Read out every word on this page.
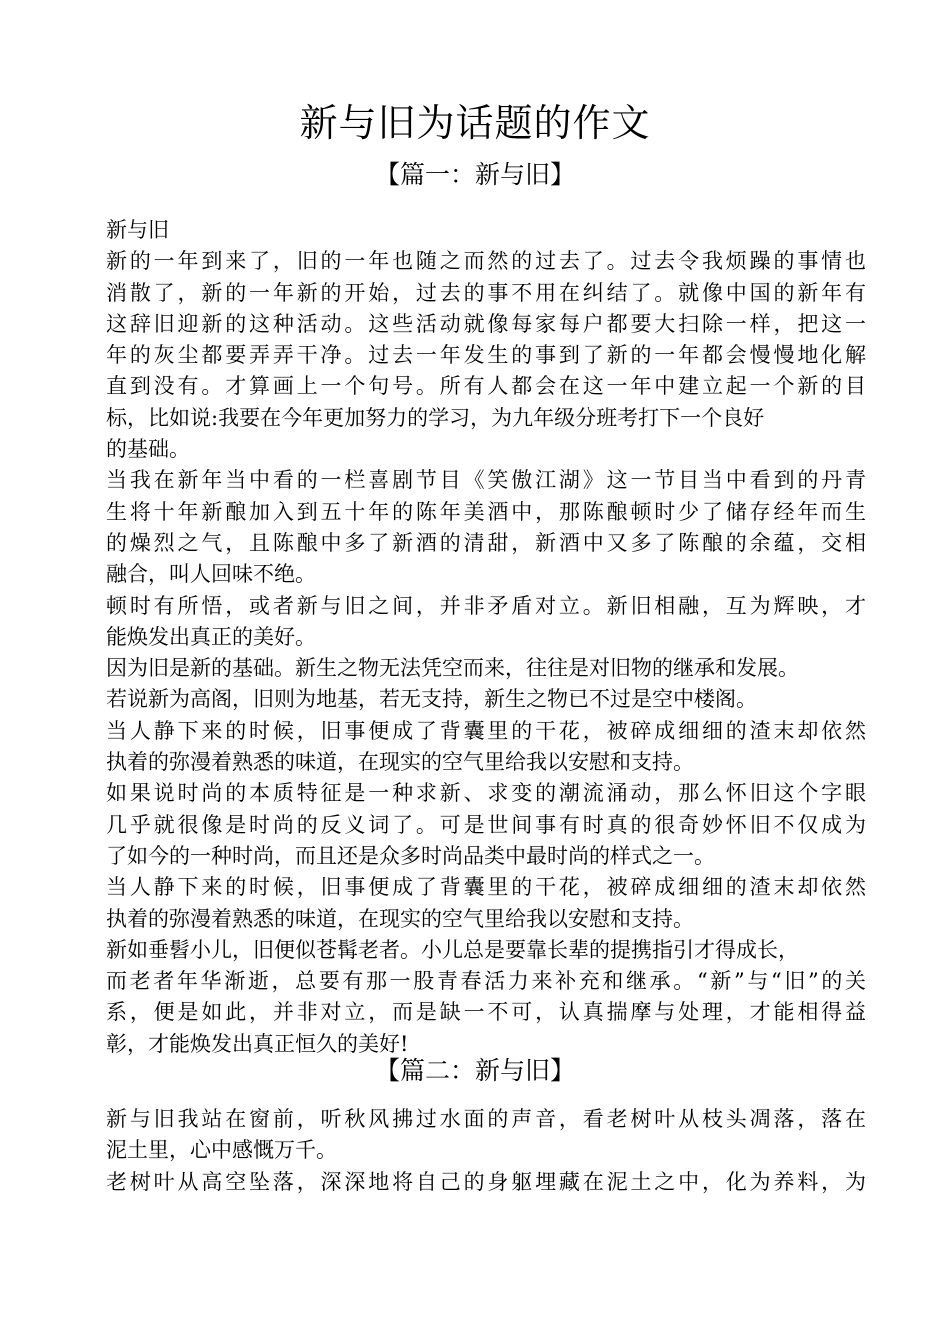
新与旧为话题的作文
【篇一：新与旧】
新与旧
新的一年到来了，旧的一年也随之而然的过去了。过去令我烦躁的事情也
消散了，新的一年新的开始，过去的事不用在纠结了。就像中国的新年有
这辞旧迎新的这种活动。这些活动就像每家每户都要大扫除一样，把这一
年的灰尘都要弄弄干净。过去一年发生的事到了新的一年都会慢慢地化解
直到没有。才算画上一个句号。所有人都会在这一年中建立起一个新的目
标，比如说:我要在今年更加努力的学习，为九年级分班考打下一个良好
的基础。
当我在新年当中看的一栏喜剧节目《笑傲江湖》这一节目当中看到的丹青
生将十年新酿加入到五十年的陈年美酒中，那陈酿顿时少了储存经年而生
的燥烈之气，且陈酿中多了新酒的清甜，新酒中又多了陈酿的余蕴，交相
融合，叫人回味不绝。
顿时有所悟，或者新与旧之间，并非矛盾对立。新旧相融，互为辉映，才
能焕发出真正的美好。
因为旧是新的基础。新生之物无法凭空而来，往往是对旧物的继承和发展。
若说新为高阁，旧则为地基，若无支持，新生之物已不过是空中楼阁。
当人静下来的时候，旧事便成了背囊里的干花，被碎成细细的渣末却依然
执着的弥漫着熟悉的味道，在现实的空气里给我以安慰和支持。
如果说时尚的本质特征是一种求新、求变的潮流涌动，那么怀旧这个字眼
几乎就很像是时尚的反义词了。可是世间事有时真的很奇妙怀旧不仅成为
了如今的一种时尚，而且还是众多时尚品类中最时尚的样式之一。
当人静下来的时候，旧事便成了背囊里的干花，被碎成细细的渣末却依然
执着的弥漫着熟悉的味道，在现实的空气里给我以安慰和支持。
新如垂髫小儿，旧便似苍髯老者。小儿总是要靠长辈的提携指引才得成长，
而老者年华渐逝，总要有那一股青春活力来补充和继承。“新”与“旧”的关
系，便是如此，并非对立，而是缺一不可，认真揣摩与处理，才能相得益
彰，才能焕发出真正恒久的美好!
【篇二：新与旧】
新与旧我站在窗前，听秋风拂过水面的声音，看老树叶从枝头凋落，落在
泥土里，心中感慨万千。
老树叶从高空坠落，深深地将自己的身躯埋藏在泥土之中，化为养料，为
